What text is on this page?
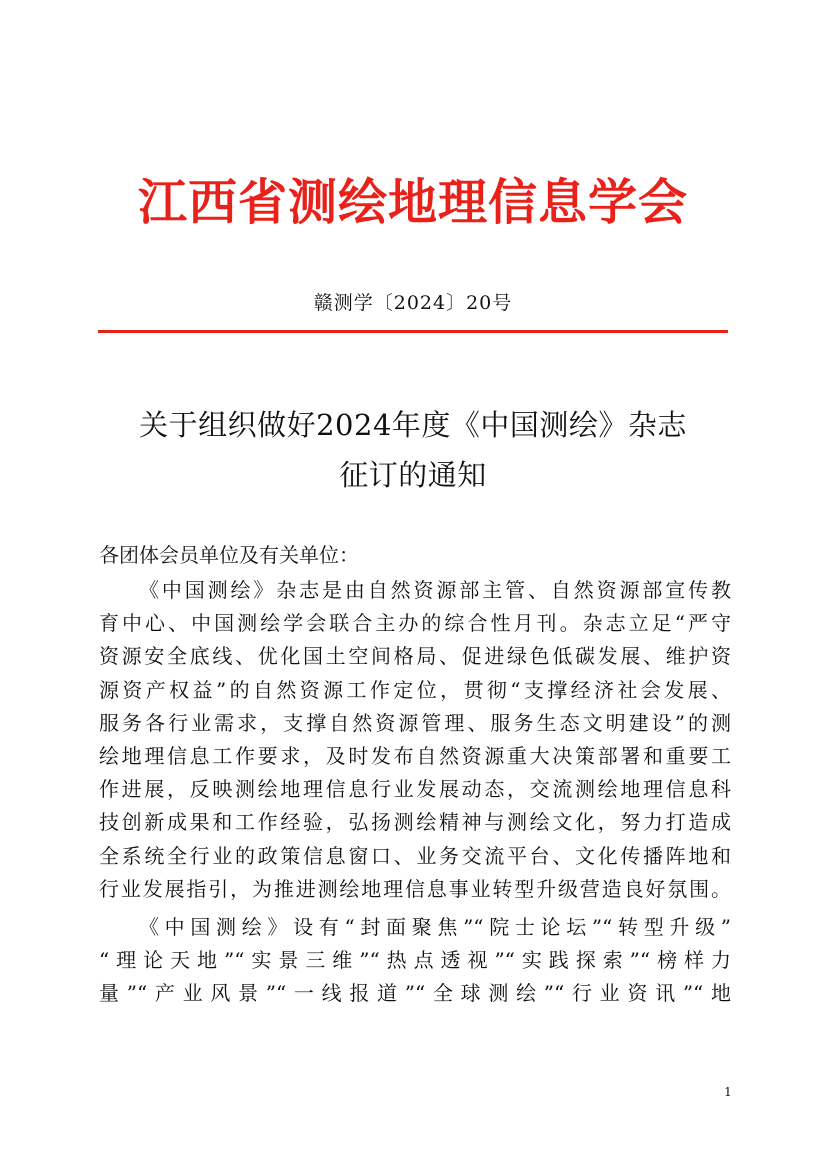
江西省测绘地理信息学会
赣测学〔2024〕20号
关于组织做好2024年度《中国测绘》杂志
征订的通知
各团体会员单位及有关单位：
《中国测绘》杂志是由自然资源部主管、自然资源部宣传教
育中心、中国测绘学会联合主办的综合性月刊。杂志立足“严守
资源安全底线、优化国土空间格局、促进绿色低碳发展、维护资
源资产权益”的自然资源工作定位，贯彻“支撑经济社会发展、
服务各行业需求，支撑自然资源管理、服务生态文明建设”的测
绘地理信息工作要求，及时发布自然资源重大决策部署和重要工
作进展，反映测绘地理信息行业发展动态，交流测绘地理信息科
技创新成果和工作经验，弘扬测绘精神与测绘文化，努力打造成
全系统全行业的政策信息窗口、业务交流平台、文化传播阵地和
行业发展指引，为推进测绘地理信息事业转型升级营造良好氛围。
《中国测绘》设有“封面聚焦”“院士论坛”“转型升级”
“理论天地”“实景三维”“热点透视”“实践探索”“榜样力
量”“产业风景”“一线报道”“全球测绘”“行业资讯”“地
1
